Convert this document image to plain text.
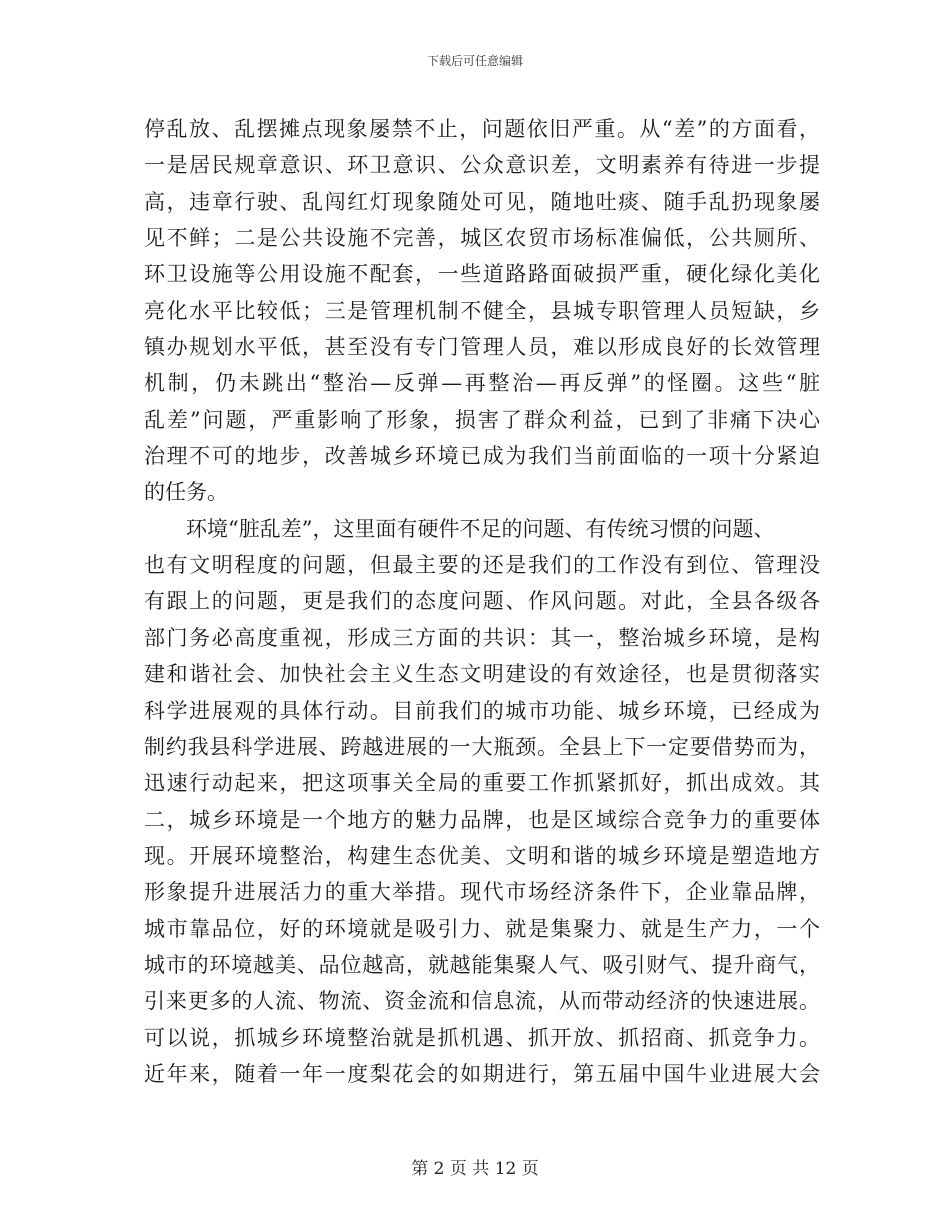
下载后可任意编辑
停乱放、乱摆摊点现象屡禁不止，问题依旧严重。从“差”的方面看，
一是居民规章意识、环卫意识、公众意识差，文明素养有待进一步提
高，违章行驶、乱闯红灯现象随处可见，随地吐痰、随手乱扔现象屡
见不鲜；二是公共设施不完善，城区农贸市场标准偏低，公共厕所、
环卫设施等公用设施不配套，一些道路路面破损严重，硬化绿化美化
亮化水平比较低；三是管理机制不健全，县城专职管理人员短缺，乡
镇办规划水平低，甚至没有专门管理人员，难以形成良好的长效管理
机制，仍未跳出“整治—反弹—再整治—再反弹”的怪圈。这些“脏
乱差”问题，严重影响了形象，损害了群众利益，已到了非痛下决心
治理不可的地步，改善城乡环境已成为我们当前面临的一项十分紧迫
的任务。
环境“脏乱差”，这里面有硬件不足的问题、有传统习惯的问题、
也有文明程度的问题，但最主要的还是我们的工作没有到位、管理没
有跟上的问题，更是我们的态度问题、作风问题。对此，全县各级各
部门务必高度重视，形成三方面的共识：其一，整治城乡环境，是构
建和谐社会、加快社会主义生态文明建设的有效途径，也是贯彻落实
科学进展观的具体行动。目前我们的城市功能、城乡环境，已经成为
制约我县科学进展、跨越进展的一大瓶颈。全县上下一定要借势而为，
迅速行动起来，把这项事关全局的重要工作抓紧抓好，抓出成效。其
二，城乡环境是一个地方的魅力品牌，也是区域综合竞争力的重要体
现。开展环境整治，构建生态优美、文明和谐的城乡环境是塑造地方
形象提升进展活力的重大举措。现代市场经济条件下，企业靠品牌，
城市靠品位，好的环境就是吸引力、就是集聚力、就是生产力，一个
城市的环境越美、品位越高，就越能集聚人气、吸引财气、提升商气，
引来更多的人流、物流、资金流和信息流，从而带动经济的快速进展。
可以说，抓城乡环境整治就是抓机遇、抓开放、抓招商、抓竞争力。
近年来，随着一年一度梨花会的如期进行，第五届中国牛业进展大会
第 2 页 共 12 页
